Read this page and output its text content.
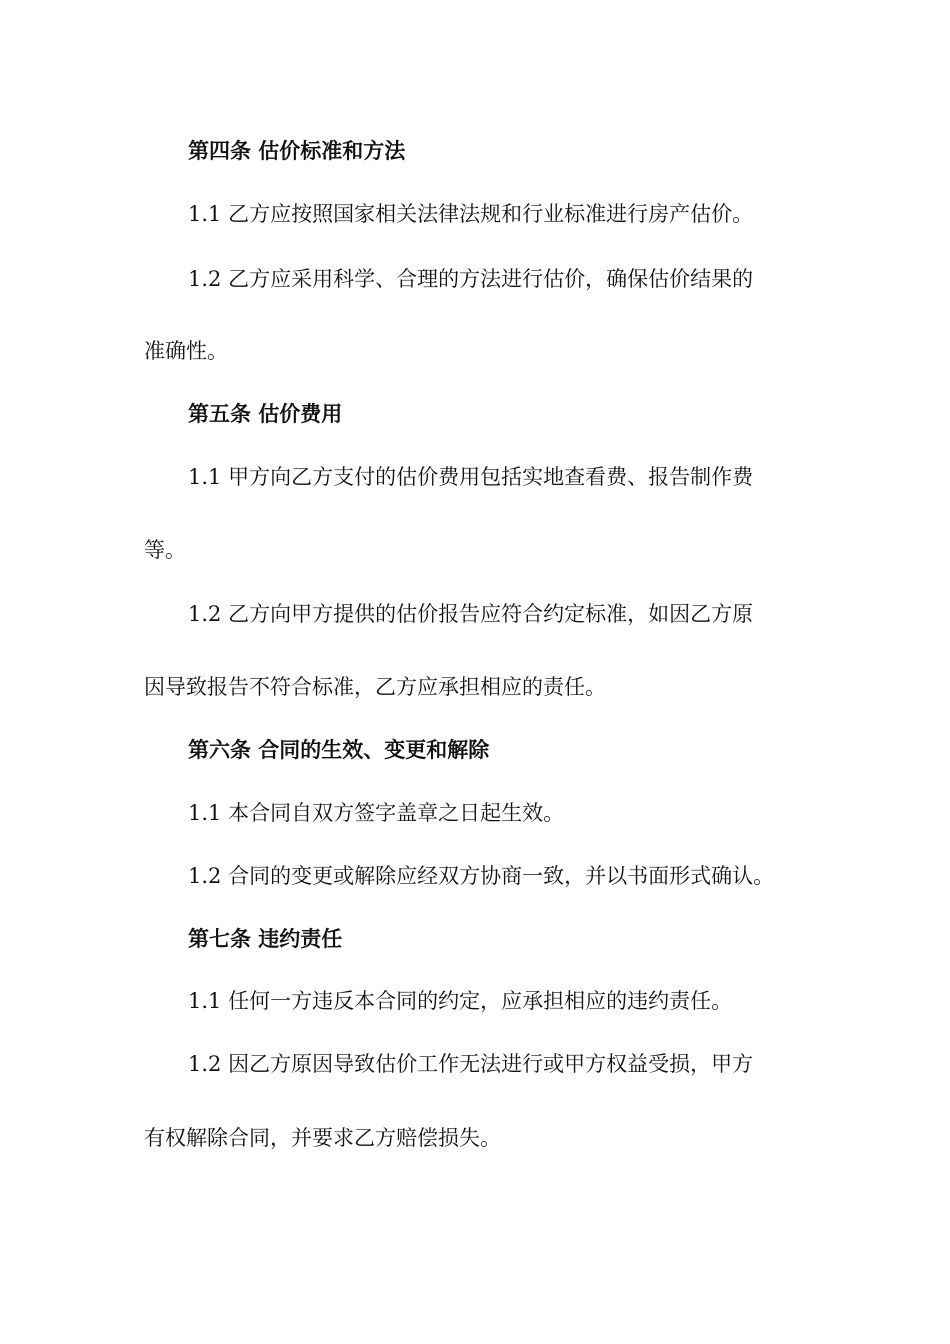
第四条 估价标准和方法
1.1 乙方应按照国家相关法律法规和行业标准进行房产估价。
1.2 乙方应采用科学、合理的方法进行估价，确保估价结果的
准确性。
第五条 估价费用
1.1 甲方向乙方支付的估价费用包括实地查看费、报告制作费
等。
1.2 乙方向甲方提供的估价报告应符合约定标准，如因乙方原
因导致报告不符合标准，乙方应承担相应的责任。
第六条 合同的生效、变更和解除
1.1 本合同自双方签字盖章之日起生效。
1.2 合同的变更或解除应经双方协商一致，并以书面形式确认。
第七条 违约责任
1.1 任何一方违反本合同的约定，应承担相应的违约责任。
1.2 因乙方原因导致估价工作无法进行或甲方权益受损，甲方
有权解除合同，并要求乙方赔偿损失。
